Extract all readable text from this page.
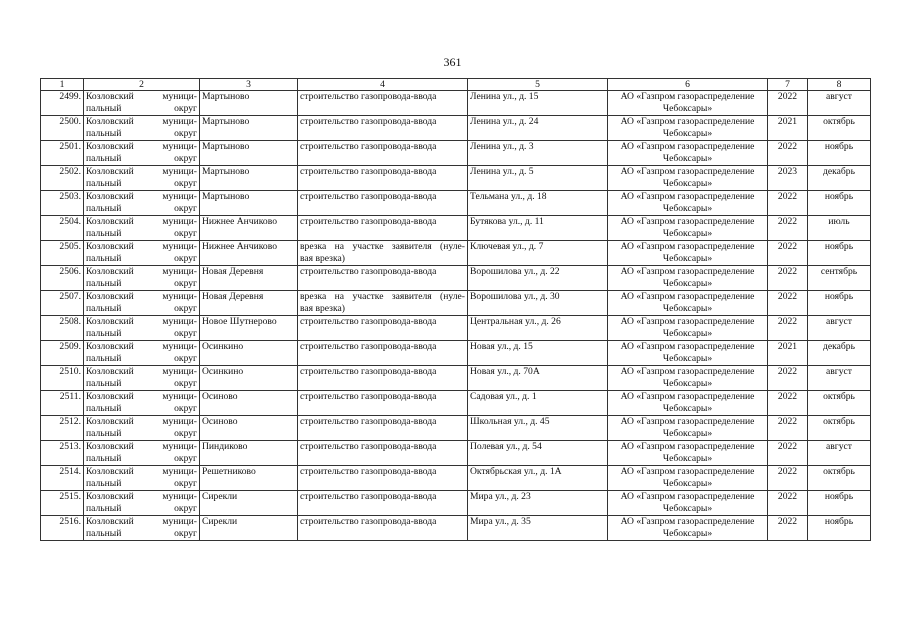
361
1	2	3	4	5	6	7	8

2499.	Козловский муници-
пальный округ	Мартыново	строительство газопровода-ввода	Ленина ул., д. 15	АО «Газпром газораспределение
Чебоксары»	2022	август

2500.	Козловский муници-
пальный округ	Мартыново	строительство газопровода-ввода	Ленина ул., д. 24	АО «Газпром газораспределение
Чебоксары»	2021	октябрь

2501.	Козловский муници-
пальный округ	Мартыново	строительство газопровода-ввода	Ленина ул., д. 3	АО «Газпром газораспределение
Чебоксары»	2022	ноябрь

2502.	Козловский муници-
пальный округ	Мартыново	строительство газопровода-ввода	Ленина ул., д. 5	АО «Газпром газораспределение
Чебоксары»	2023	декабрь

2503.	Козловский муници-
пальный округ	Мартыново	строительство газопровода-ввода	Тельмана ул., д. 18	АО «Газпром газораспределение
Чебоксары»	2022	ноябрь

2504.	Козловский муници-
пальный округ	Нижнее Анчиково	строительство газопровода-ввода	Бутякова ул., д. 11	АО «Газпром газораспределение
Чебоксары»	2022	июль

2505.	Козловский муници-
пальный округ	Нижнее Анчиково	врезка на участке заявителя (нуле-
вая врезка)	Ключевая ул., д. 7	АО «Газпром газораспределение
Чебоксары»	2022	ноябрь

2506.	Козловский муници-
пальный округ	Новая Деревня	строительство газопровода-ввода	Ворошилова ул., д. 22	АО «Газпром газораспределение
Чебоксары»	2022	сентябрь

2507.	Козловский муници-
пальный округ	Новая Деревня	врезка на участке заявителя (нуле-
вая врезка)	Ворошилова ул., д. 30	АО «Газпром газораспределение
Чебоксары»	2022	ноябрь

2508.	Козловский муници-
пальный округ	Новое Шутнерово	строительство газопровода-ввода	Центральная ул., д. 26	АО «Газпром газораспределение
Чебоксары»	2022	август

2509.	Козловский муници-
пальный округ	Осинкино	строительство газопровода-ввода	Новая ул., д. 15	АО «Газпром газораспределение
Чебоксары»	2021	декабрь

2510.	Козловский муници-
пальный округ	Осинкино	строительство газопровода-ввода	Новая ул., д. 70А	АО «Газпром газораспределение
Чебоксары»	2022	август

2511.	Козловский муници-
пальный округ	Осиново	строительство газопровода-ввода	Садовая ул., д. 1	АО «Газпром газораспределение
Чебоксары»	2022	октябрь

2512.	Козловский муници-
пальный округ	Осиново	строительство газопровода-ввода	Школьная ул., д. 45	АО «Газпром газораспределение
Чебоксары»	2022	октябрь

2513.	Козловский муници-
пальный округ	Пиндиково	строительство газопровода-ввода	Полевая ул., д. 54	АО «Газпром газораспределение
Чебоксары»	2022	август

2514.	Козловский муници-
пальный округ	Решетниково	строительство газопровода-ввода	Октябрьская ул., д. 1А	АО «Газпром газораспределение
Чебоксары»	2022	октябрь

2515.	Козловский муници-
пальный округ	Сирекли	строительство газопровода-ввода	Мира ул., д. 23	АО «Газпром газораспределение
Чебоксары»	2022	ноябрь

2516.	Козловский муници-
пальный округ	Сирекли	строительство газопровода-ввода	Мира ул., д. 35	АО «Газпром газораспределение
Чебоксары»	2022	ноябрь
